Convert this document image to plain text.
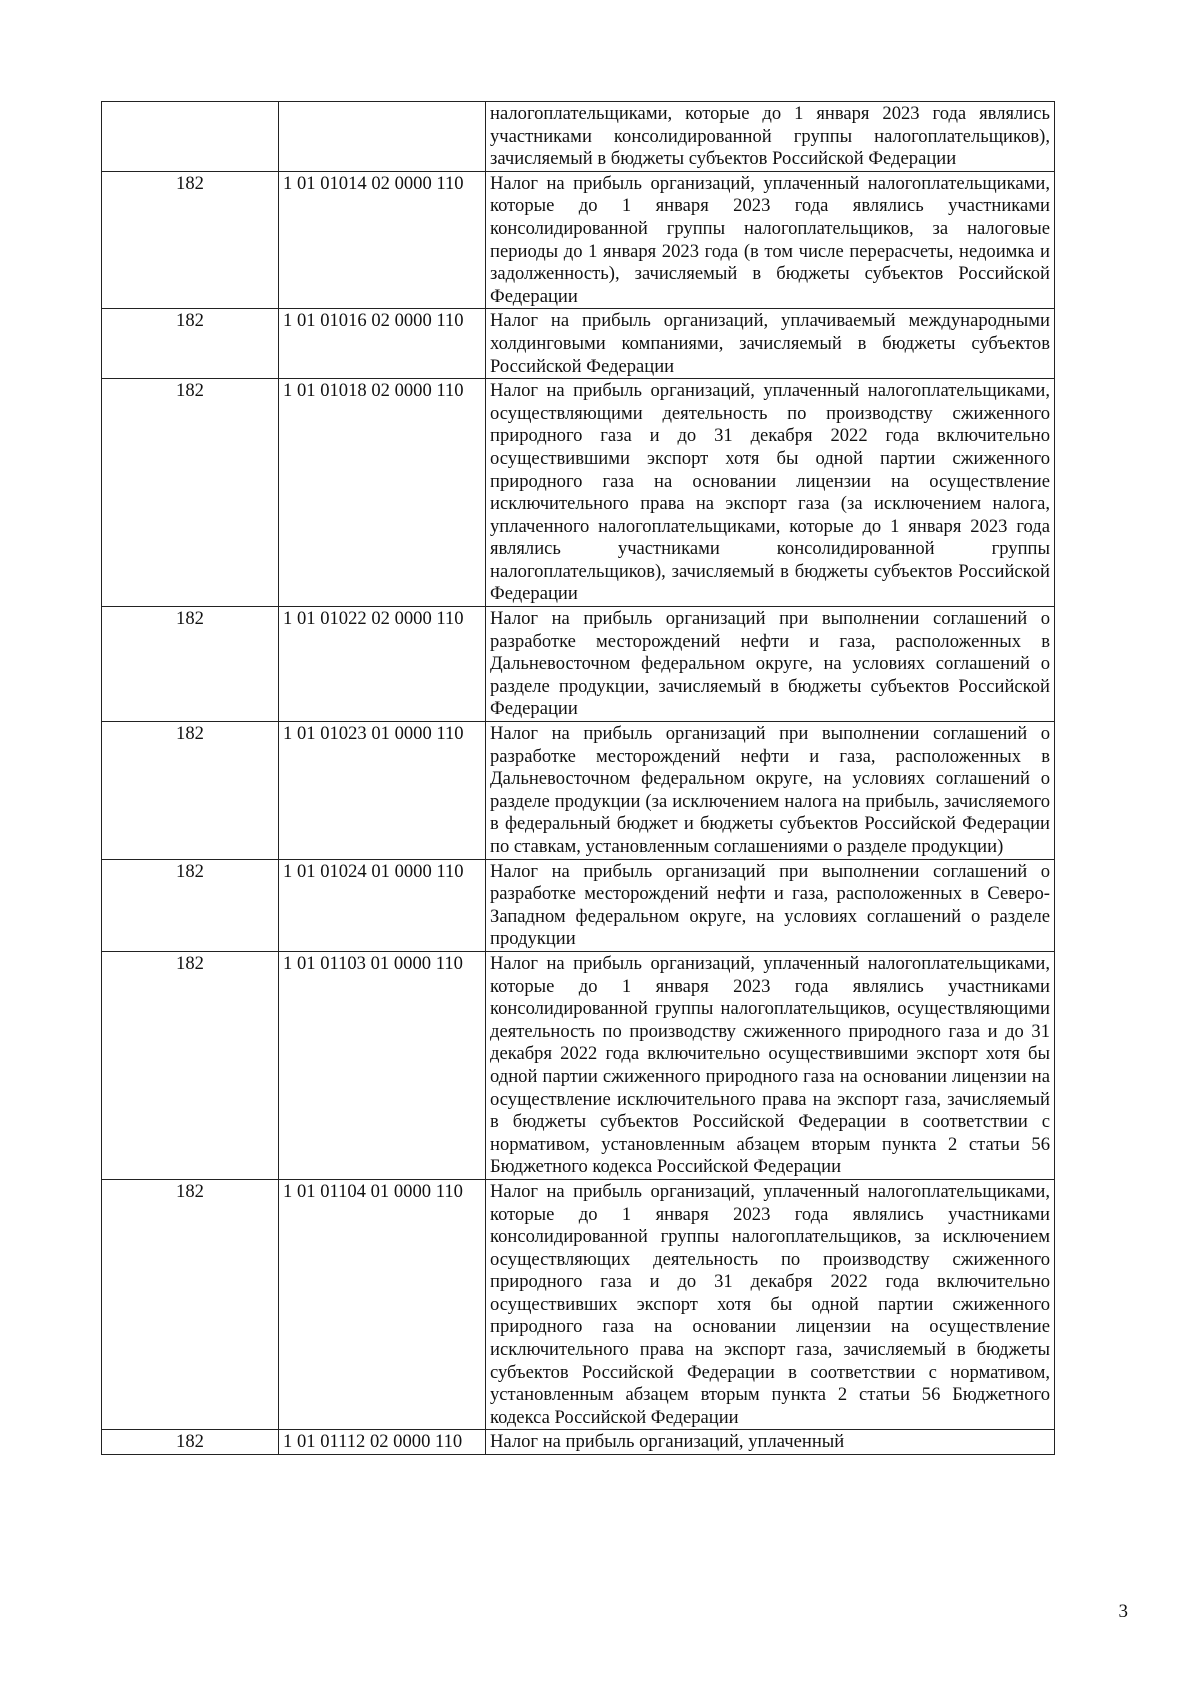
		налогоплательщиками, которые до 1 января 2023 года являлись участниками консолидированной группы налогоплательщиков), зачисляемый в бюджеты субъектов Российской Федерации
182	1 01 01014 02 0000 110	Налог на прибыль организаций, уплаченный налогоплательщиками, которые до 1 января 2023 года являлись участниками консолидированной группы налогоплательщиков, за налоговые периоды до 1 января 2023 года (в том числе перерасчеты, недоимка и задолженность), зачисляемый в бюджеты субъектов Российской Федерации
182	1 01 01016 02 0000 110	Налог на прибыль организаций, уплачиваемый международными холдинговыми компаниями, зачисляемый в бюджеты субъектов Российской Федерации
182	1 01 01018 02 0000 110	Налог на прибыль организаций, уплаченный налогоплательщиками, осуществляющими деятельность по производству сжиженного природного газа и до 31 декабря 2022 года включительно осуществившими экспорт хотя бы одной партии сжиженного природного газа на основании лицензии на осуществление исключительного права на экспорт газа (за исключением налога, уплаченного налогоплательщиками, которые до 1 января 2023 года являлись участниками консолидированной группы налогоплательщиков), зачисляемый в бюджеты субъектов Российской Федерации
182	1 01 01022 02 0000 110	Налог на прибыль организаций при выполнении соглашений о разработке месторождений нефти и газа, расположенных в Дальневосточном федеральном округе, на условиях соглашений о разделе продукции, зачисляемый в бюджеты субъектов Российской Федерации
182	1 01 01023 01 0000 110	Налог на прибыль организаций при выполнении соглашений о разработке месторождений нефти и газа, расположенных в Дальневосточном федеральном округе, на условиях соглашений о разделе продукции (за исключением налога на прибыль, зачисляемого в федеральный бюджет и бюджеты субъектов Российской Федерации по ставкам, установленным соглашениями о разделе продукции)
182	1 01 01024 01 0000 110	Налог на прибыль организаций при выполнении соглашений о разработке месторождений нефти и газа, расположенных в Северо-Западном федеральном округе, на условиях соглашений о разделе продукции
182	1 01 01103 01 0000 110	Налог на прибыль организаций, уплаченный налогоплательщиками, которые до 1 января 2023 года являлись участниками консолидированной группы налогоплательщиков, осуществляющими деятельность по производству сжиженного природного газа и до 31 декабря 2022 года включительно осуществившими экспорт хотя бы одной партии сжиженного природного газа на основании лицензии на осуществление исключительного права на экспорт газа, зачисляемый в бюджеты субъектов Российской Федерации в соответствии с нормативом, установленным абзацем вторым пункта 2 статьи 56 Бюджетного кодекса Российской Федерации
182	1 01 01104 01 0000 110	Налог на прибыль организаций, уплаченный налогоплательщиками, которые до 1 января 2023 года являлись участниками консолидированной группы налогоплательщиков, за исключением осуществляющих деятельность по производству сжиженного природного газа и до 31 декабря 2022 года включительно осуществивших экспорт хотя бы одной партии сжиженного природного газа на основании лицензии на осуществление исключительного права на экспорт газа, зачисляемый в бюджеты субъектов Российской Федерации в соответствии с нормативом, установленным абзацем вторым пункта 2 статьи 56 Бюджетного кодекса Российской Федерации
182	1 01 01112 02 0000 110	Налог на прибыль организаций, уплаченный
3
